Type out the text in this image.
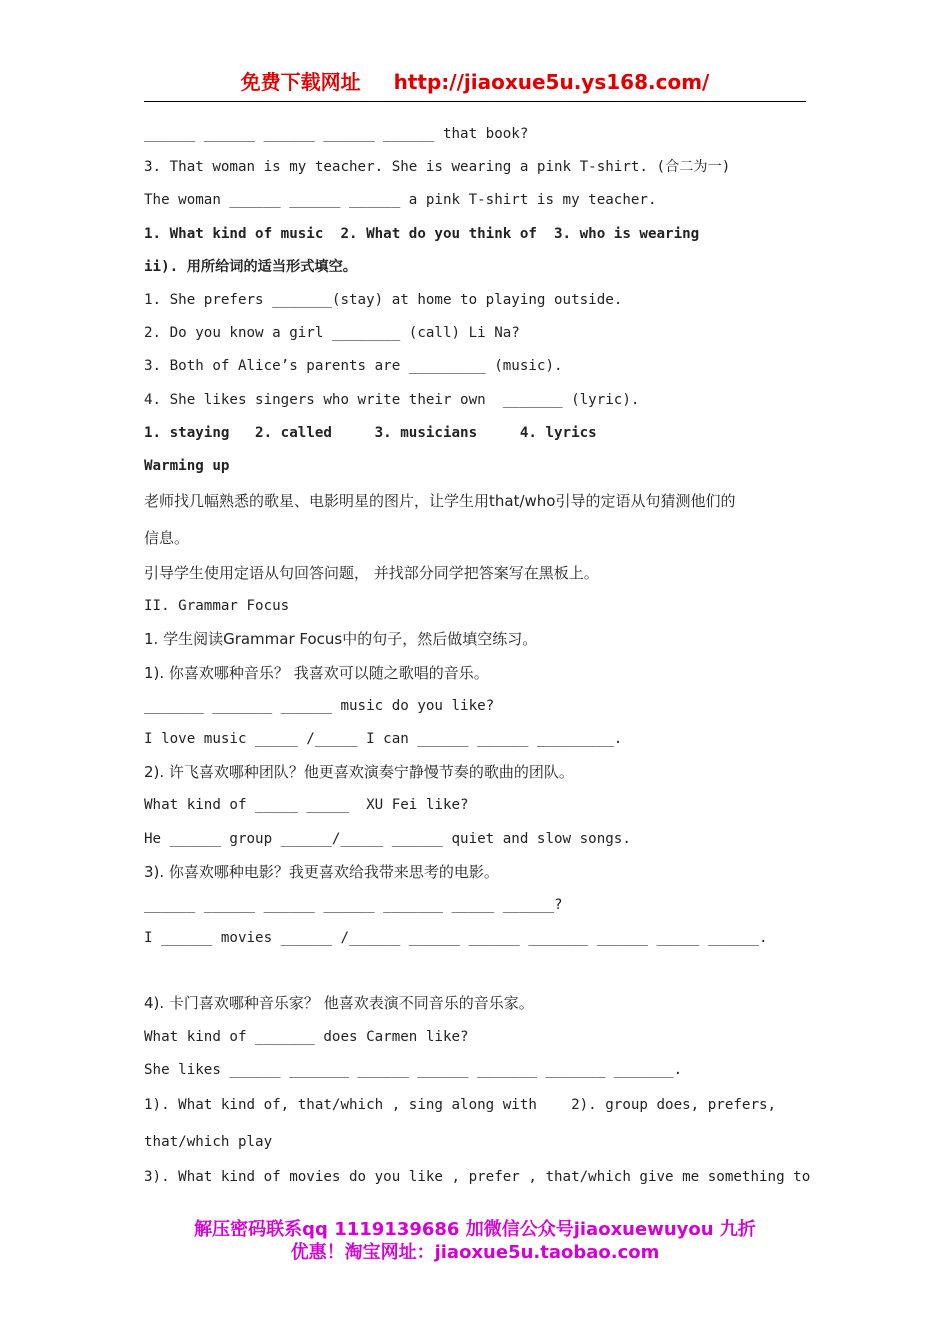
免费下载网址 http://jiaoxue5u.ys168.com/
______ ______ ______ ______ ______ that book?
3. That woman is my teacher. She is wearing a pink T-shirt. (合二为一)
The woman ______ ______ ______ a pink T-shirt is my teacher.
1. What kind of music  2. What do you think of  3. who is wearing
ii). 用所给词的适当形式填空。
1. She prefers _______(stay) at home to playing outside.
2. Do you know a girl ________ (call) Li Na?
3. Both of Alice’s parents are _________ (music).
4. She likes singers who write their own  _______ (lyric).
1. staying   2. called     3. musicians     4. lyrics
Warming up
老师找几幅熟悉的歌星、电影明星的图片，让学生用that/who引导的定语从句猜测他们的
信息。
引导学生使用定语从句回答问题， 并找部分同学把答案写在黑板上。
II. Grammar Focus
1. 学生阅读Grammar Focus中的句子，然后做填空练习。
1). 你喜欢哪种音乐？ 我喜欢可以随之歌唱的音乐。
_______ _______ ______ music do you like?
I love music _____ /_____ I can ______ ______ _________.
2). 许飞喜欢哪种团队？他更喜欢演奏宁静慢节奏的歌曲的团队。
What kind of _____ _____  XU Fei like?
He ______ group ______/_____ ______ quiet and slow songs.
3). 你喜欢哪种电影？我更喜欢给我带来思考的电影。
______ ______ ______ ______ _______ _____ ______?
I ______ movies ______ /______ ______ ______ _______ ______ _____ ______.
4). 卡门喜欢哪种音乐家？ 他喜欢表演不同音乐的音乐家。
What kind of _______ does Carmen like?
She likes ______ _______ ______ ______ _______ _______ _______.
1). What kind of, that/which , sing along with    2). group does, prefers,
that/which play
3). What kind of movies do you like , prefer , that/which give me something to
解压密码联系qq 1119139686 加微信公众号jiaoxuewuyou 九折
优惠！淘宝网址：jiaoxue5u.taobao.com
